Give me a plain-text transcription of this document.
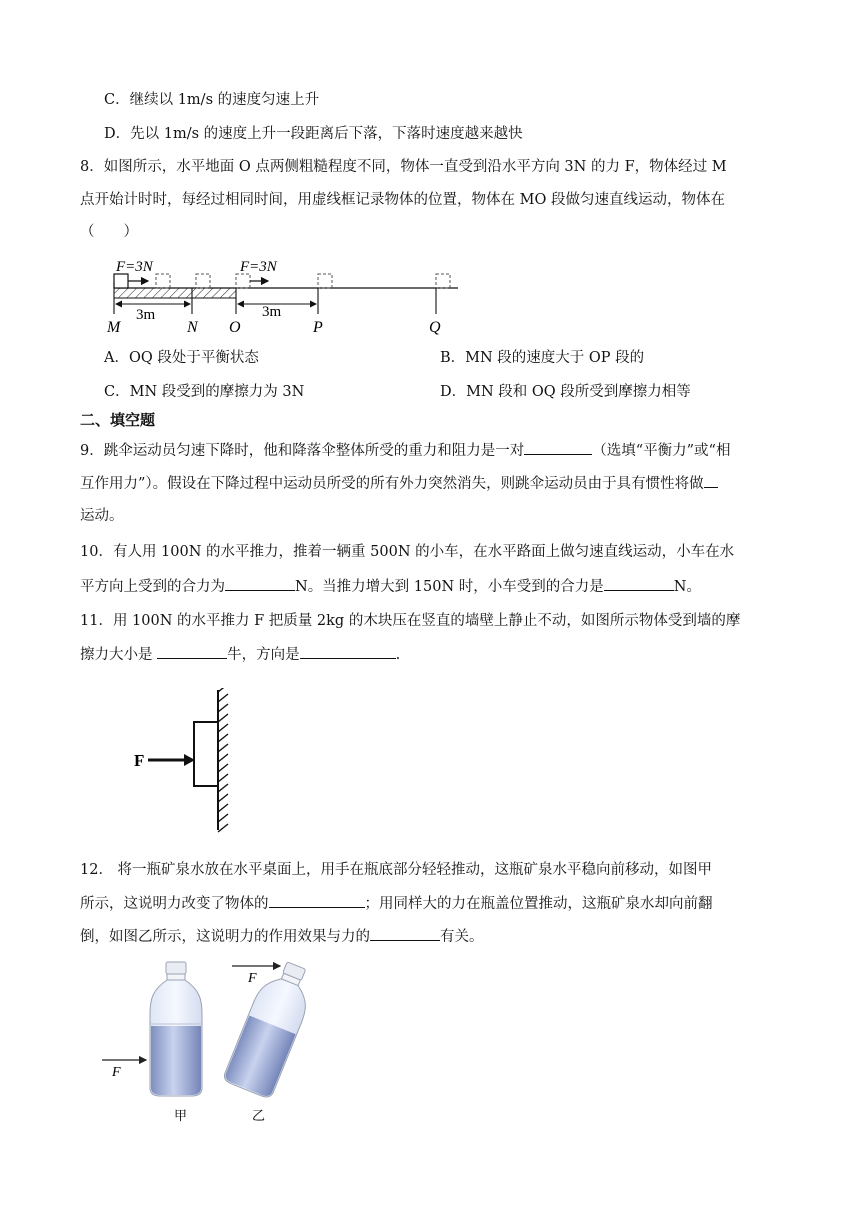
C．继续以 1m/s 的速度匀速上升
D．先以 1m/s 的速度上升一段距离后下落，下落时速度越来越快
8．如图所示，水平地面 O 点两侧粗糙程度不同，物体一直受到沿水平方向 3N 的力 F，物体经过 M
点开始计时时，每经过相同时间，用虚线框记录物体的位置，物体在 MO 段做匀速直线运动，物体在
（　　）
F=3N	F=3N
3m	3m
M	N O	P	Q
A．OQ 段处于平衡状态	B．MN 段的速度大于 OP 段的
C．MN 段受到的摩擦力为 3N	D．MN 段和 OQ 段所受到摩擦力相等
二、填空题
9．跳伞运动员匀速下降时，他和降落伞整体所受的重力和阻力是一对	（选填“平衡力”或“相
互作用力”）。假设在下降过程中运动员所受的所有外力突然消失，则跳伞运动员由于具有惯性将做
运动。
10．有人用 100N 的水平推力，推着一辆重 500N 的小车，在水平路面上做匀速直线运动，小车在水
平方向上受到的合力为	N。当推力增大到 150N 时，小车受到的合力是	N。
11．用 100N 的水平推力 F 把质量 2kg 的木块压在竖直的墙壁上静止不动，如图所示物体受到墙的摩
擦力大小是	牛，方向是	.
F
12． 将一瓶矿泉水放在水平桌面上，用手在瓶底部分轻轻推动，这瓶矿泉水平稳向前移动，如图甲
所示，这说明力改变了物体的	；用同样大的力在瓶盖位置推动，这瓶矿泉水却向前翻
倒，如图乙所示，这说明力的作用效果与力的	有关。
F
甲
F
乙
